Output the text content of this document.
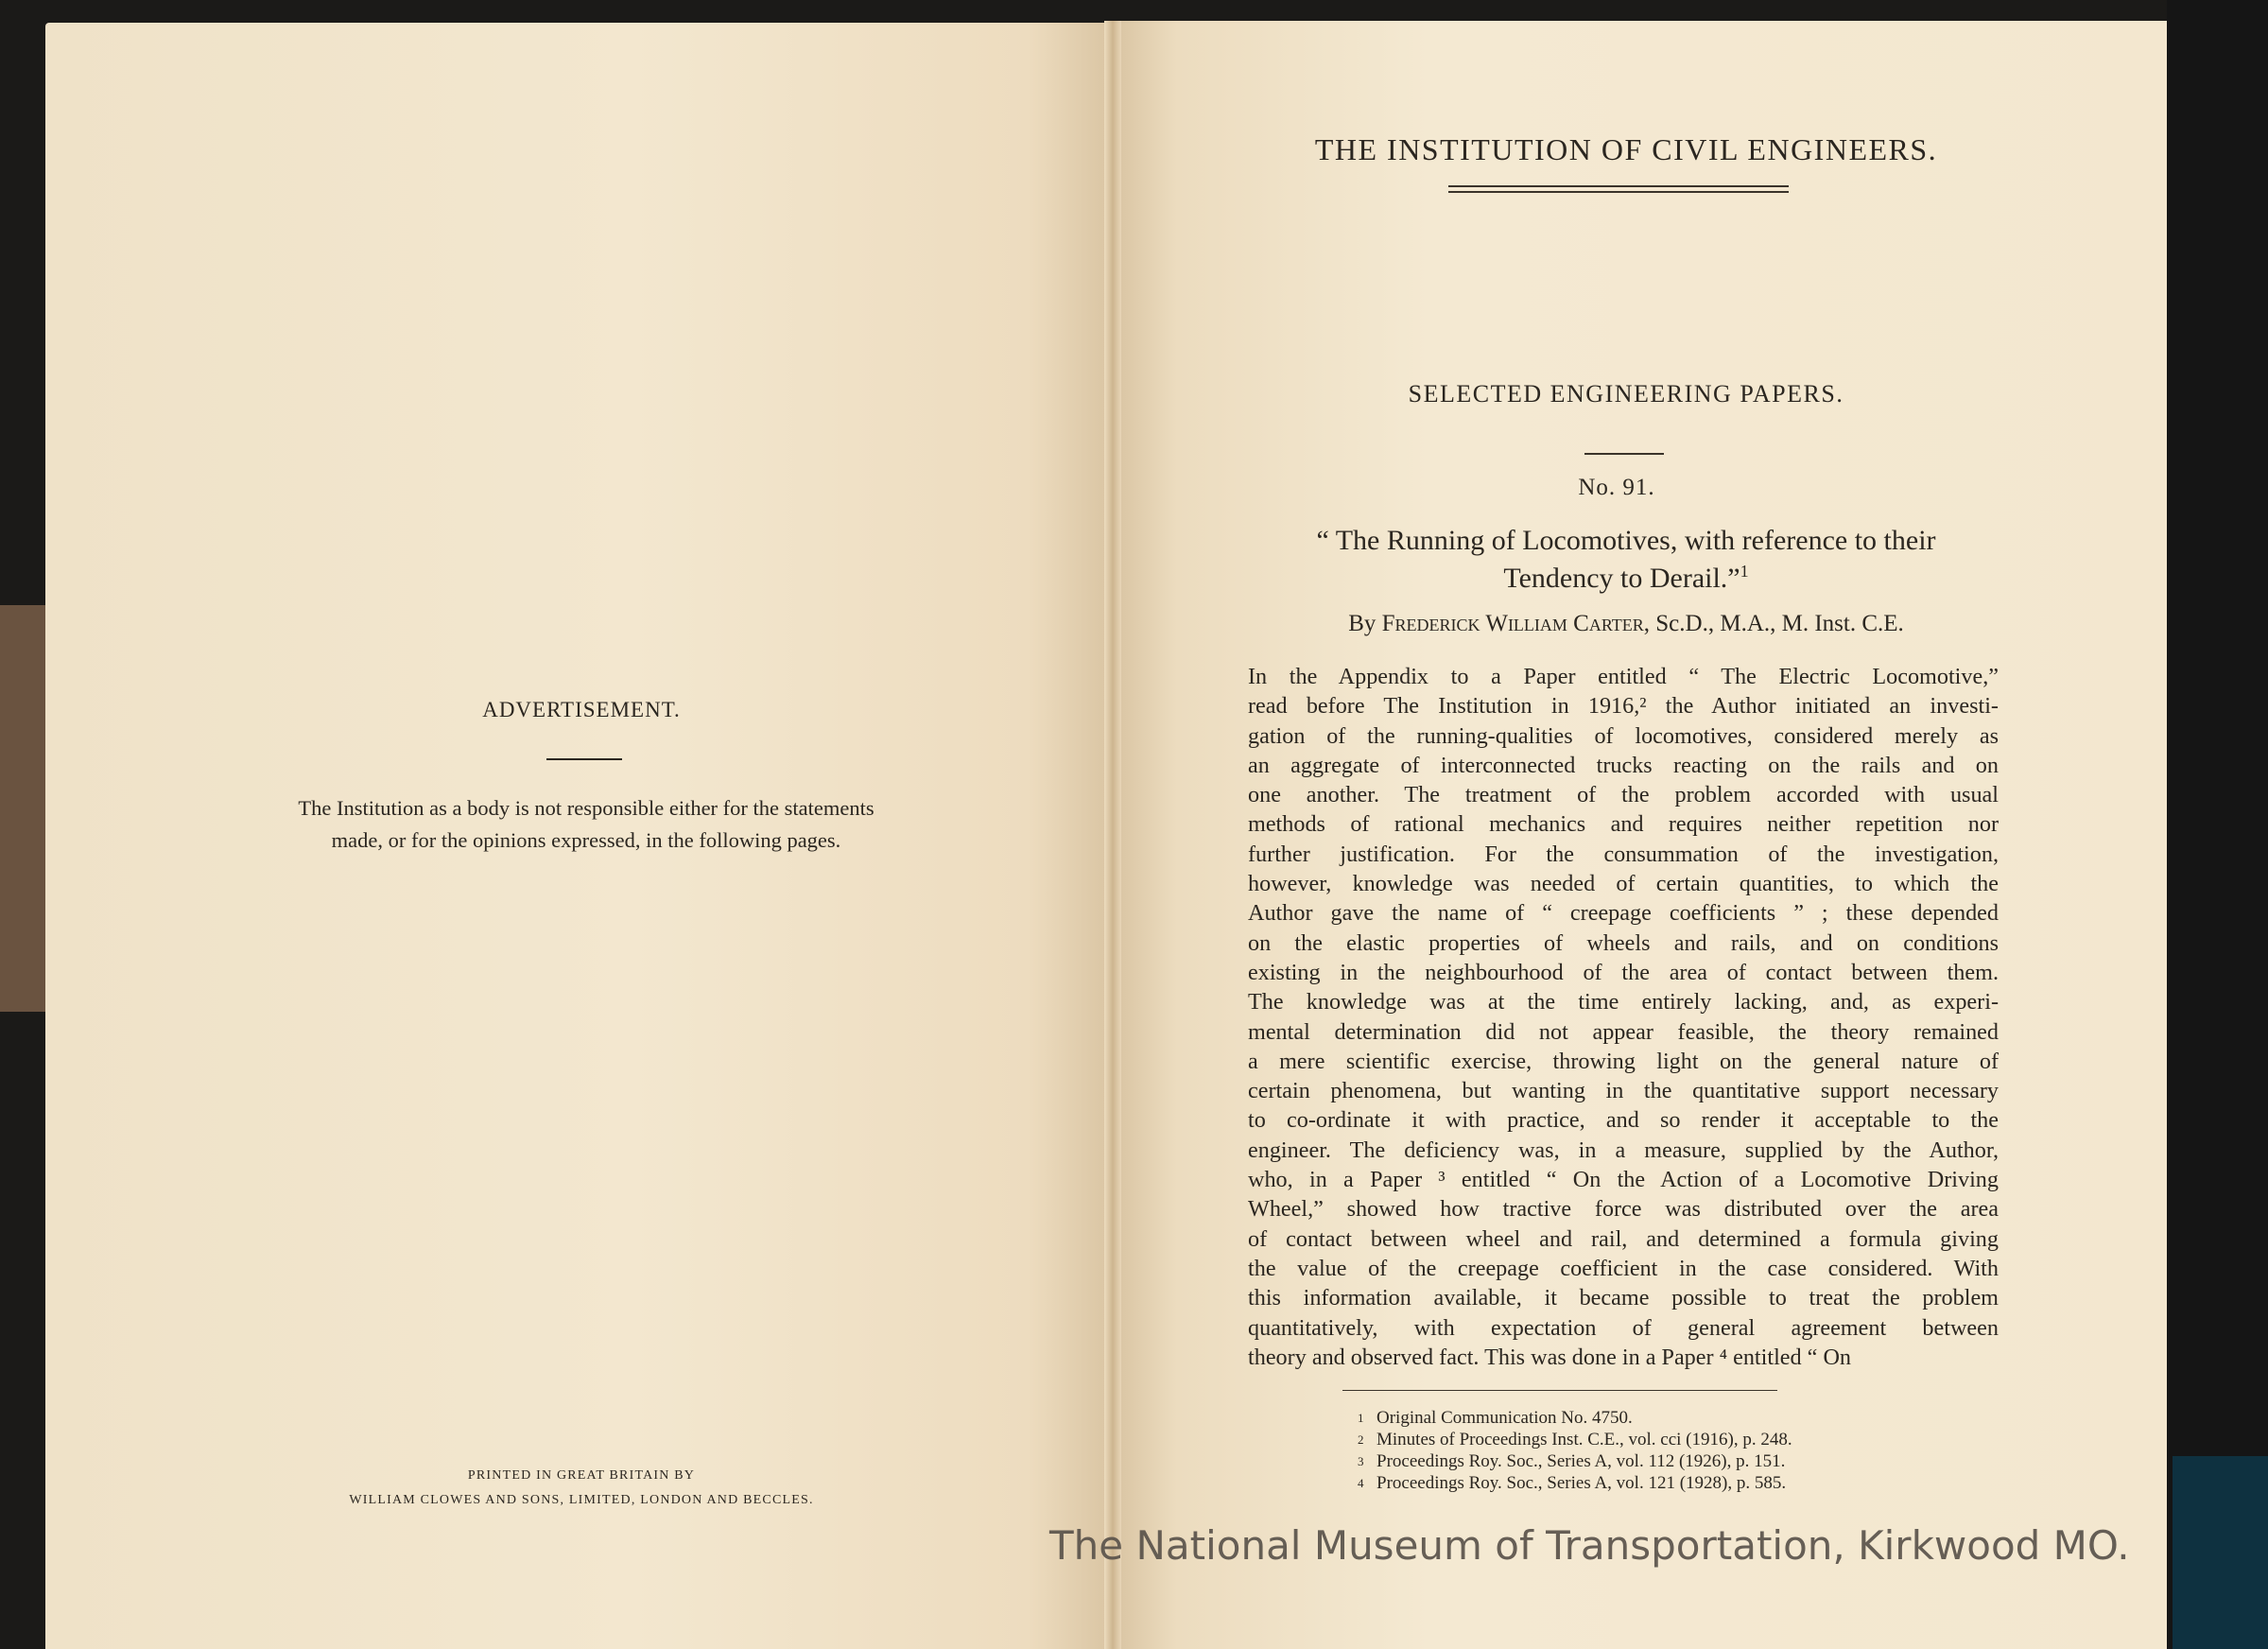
ADVERTISEMENT.
The Institution as a body is not responsible either for the statements
made, or for the opinions expressed, in the following pages.
PRINTED IN GREAT BRITAIN BY
WILLIAM CLOWES AND SONS, LIMITED, LONDON AND BECCLES.
THE INSTITUTION OF CIVIL ENGINEERS.
SELECTED ENGINEERING PAPERS.
No. 91.
“ The Running of Locomotives, with reference to their
Tendency to Derail.”$^1$
By Frederick William Carter, Sc.D., M.A., M. Inst. C.E.
In the Appendix to a Paper entitled “ The Electric Locomotive,”
read before The Institution in 1916,² the Author initiated an investi-
gation of the running-qualities of locomotives, considered merely as
an aggregate of interconnected trucks reacting on the rails and on
one another. The treatment of the problem accorded with usual
methods of rational mechanics and requires neither repetition nor
further justification. For the consummation of the investigation,
however, knowledge was needed of certain quantities, to which the
Author gave the name of “ creepage coefficients ” ; these depended
on the elastic properties of wheels and rails, and on conditions
existing in the neighbourhood of the area of contact between them.
The knowledge was at the time entirely lacking, and, as experi-
mental determination did not appear feasible, the theory remained
a mere scientific exercise, throwing light on the general nature of
certain phenomena, but wanting in the quantitative support necessary
to co-ordinate it with practice, and so render it acceptable to the
engineer. The deficiency was, in a measure, supplied by the Author,
who, in a Paper ³ entitled “ On the Action of a Locomotive Driving
Wheel,” showed how tractive force was distributed over the area
of contact between wheel and rail, and determined a formula giving
the value of the creepage coefficient in the case considered. With
this information available, it became possible to treat the problem
quantitatively, with expectation of general agreement between
theory and observed fact. This was done in a Paper ⁴ entitled “ On
1 Original Communication No. 4750.
2 Minutes of Proceedings Inst. C.E., vol. cci (1916), p. 248.
3 Proceedings Roy. Soc., Series A, vol. 112 (1926), p. 151.
4 Proceedings Roy. Soc., Series A, vol. 121 (1928), p. 585.
The National Museum of Transportation, Kirkwood MO.
